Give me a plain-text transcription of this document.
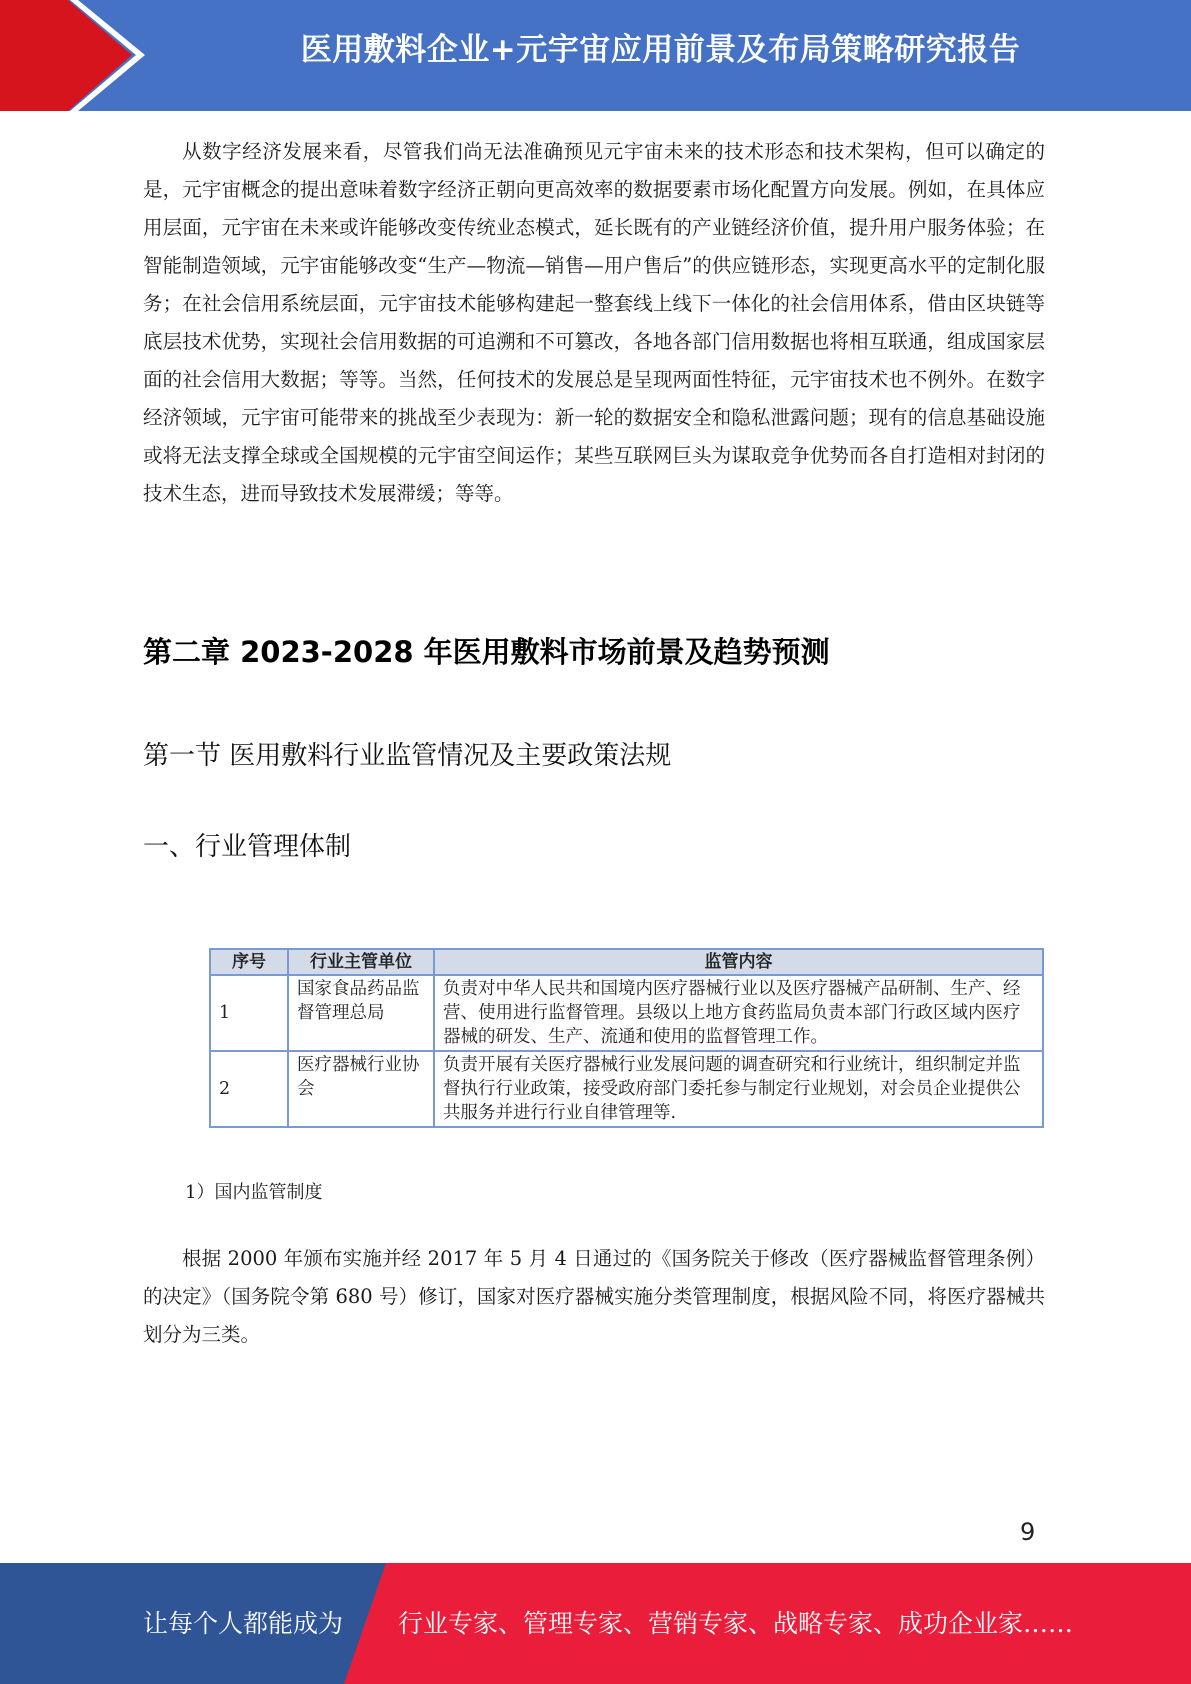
医用敷料企业+元宇宙应用前景及布局策略研究报告

从数字经济发展来看，尽管我们尚无法准确预见元宇宙未来的技术形态和技术架构，但可以确定的是，元宇宙概念的提出意味着数字经济正朝向更高效率的数据要素市场化配置方向发展。例如，在具体应用层面，元宇宙在未来或许能够改变传统业态模式，延长既有的产业链经济价值，提升用户服务体验；在智能制造领域，元宇宙能够改变“生产—物流—销售—用户售后”的供应链形态，实现更高水平的定制化服务；在社会信用系统层面，元宇宙技术能够构建起一整套线上线下一体化的社会信用体系，借由区块链等底层技术优势，实现社会信用数据的可追溯和不可篡改，各地各部门信用数据也将相互联通，组成国家层面的社会信用大数据；等等。当然，任何技术的发展总是呈现两面性特征，元宇宙技术也不例外。在数字经济领域，元宇宙可能带来的挑战至少表现为：新一轮的数据安全和隐私泄露问题；现有的信息基础设施或将无法支撑全球或全国规模的元宇宙空间运作；某些互联网巨头为谋取竞争优势而各自打造相对封闭的技术生态，进而导致技术发展滞缓；等等。

第二章 2023-2028 年医用敷料市场前景及趋势预测
第一节 医用敷料行业监管情况及主要政策法规
一、行业管理体制
序号	行业主管单位	监管内容
1	国家食品药品监督管理总局	负责对中华人民共和国境内医疗器械行业以及医疗器械产品研制、生产、经营、使用进行监督管理。县级以上地方食药监局负责本部门行政区域内医疗器械的研发、生产、流通和使用的监督管理工作。
2	医疗器械行业协会	负责开展有关医疗器械行业发展问题的调查研究和行业统计，组织制定并监督执行行业政策，接受政府部门委托参与制定行业规划，对会员企业提供公共服务并进行行业自律管理等.
1）国内监管制度

根据 2000 年颁布实施并经 2017 年 5 月 4 日通过的《国务院关于修改（医疗器械监督管理条例）的决定》（国务院令第 680 号）修订，国家对医疗器械实施分类管理制度，根据风险不同，将医疗器械共划分为三类。

9
让每个人都能成为 行业专家、管理专家、营销专家、战略专家、成功企业家……
